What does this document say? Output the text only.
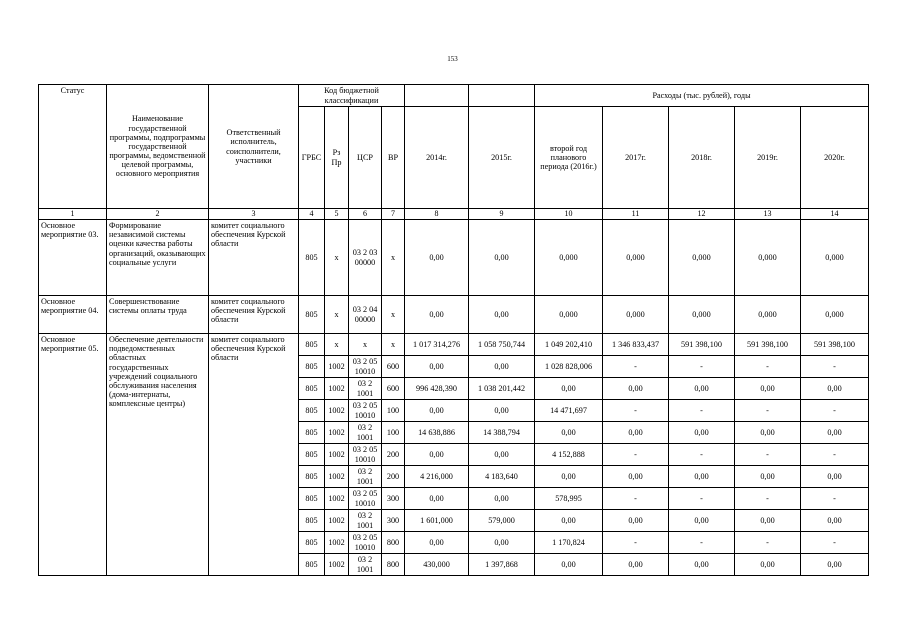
153
Статус	Наименование государственной программы, подпрограммы государственной программы, ведомственной целевой программы, основного мероприятия	Ответственный исполнитель, соисполнители, участники	Код бюджетной классификации						Расходы (тыс. рублей), годы				
			ГРБС	Рз Пр	ЦСР	ВР	2014г.	2015г.	второй год планового периода (2016г.)	2017г.	2018г.	2019г.	2020г.
1	2	3	4	5	6	7	8	9	10	11	12	13	14
Основное мероприятие 03.	Формирование независимой системы оценки качества работы организаций, оказывающих социальные услуги	комитет социального обеспечения Курской области	805	х	03 2 03 00000	х	0,00	0,00	0,000	0,000	0,000	0,000	0,000
Основное мероприятие 04.	Совершенствование системы оплаты труда	комитет социального обеспечения Курской области	805	х	03 2 04 00000	х	0,00	0,00	0,000	0,000	0,000	0,000	0,000
Основное мероприятие 05.	Обеспечение деятельности подведомственных областных государственных учреждений социального обслуживания населения (дома-интернаты, комплексные центры)	комитет социального обеспечения Курской области	805	х	х	х	1 017 314,276	1 058 750,744	1 049 202,410	1 346 833,437	591 398,100	591 398,100	591 398,100
			805	1002	03 2 05 10010	600	0,00	0,00	1 028 828,006	-	-	-	-
			805	1002	03 2 1001	600	996 428,390	1 038 201,442	0,00	0,00	0,00	0,00	0,00
			805	1002	03 2 05 10010	100	0,00	0,00	14 471,697	-	-	-	-
			805	1002	03 2 1001	100	14 638,886	14 388,794	0,00	0,00	0,00	0,00	0,00
			805	1002	03 2 05 10010	200	0,00	0,00	4 152,888	-	-	-	-
			805	1002	03 2 1001	200	4 216,000	4 183,640	0,00	0,00	0,00	0,00	0,00
			805	1002	03 2 05 10010	300	0,00	0,00	578,995	-	-	-	-
			805	1002	03 2 1001	300	1 601,000	579,000	0,00	0,00	0,00	0,00	0,00
			805	1002	03 2 05 10010	800	0,00	0,00	1 170,824	-	-	-	-
			805	1002	03 2 1001	800	430,000	1 397,868	0,00	0,00	0,00	0,00	0,00
